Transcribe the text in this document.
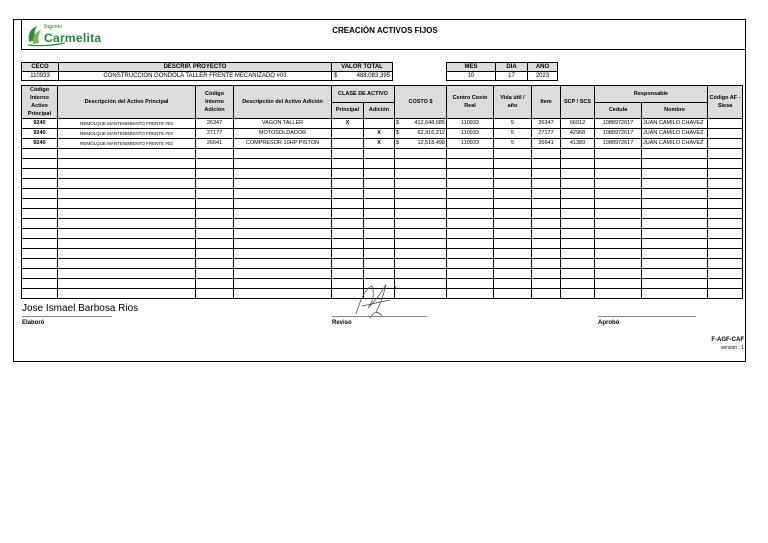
Ingenio
Carmelita
CREACIÓN ACTIVOS FIJOS
CECO	DESCRIP. PROYECTO	VALOR TOTAL	
110933	CONSTRUCCION GONDOLA TALLER FRENTE MECANIZADO #03	$	488,083,395
MES	DÍA	AÑO
10	17	2023
Código Interno Activo Principal	Descripción del Activo Principal	Código Interno Adición	Descripción del Activo Adición	CLASE DE ACTIVO		COSTO $	Centro Costo Real	Vida útil / año	Item	SCP / SCS	Responsable		Código AF - Siesa
				Principal	Adición						Cedula	Nombre	
9240	REMOLQUE MANTENIMIENTO FRENTE #03	26347	VAGON TALLER	X		$ 412,648,685	110933	5	26347	66012	1088972617	JUAN CAMILO CHAVEZ	
9240	REMOLQUE MANTENIMIENTO FRENTE #03	27177	MOTOSOLDADOR		X	$ 62,916,212	110933	5	27177	42968	1088972617	JUAN CAMILO CHAVEZ	
9240	REMOLQUE MANTENIMIENTO FRENTE #03	26641	COMPRESOR 10HP PISTON		X	$ 12,518,498	110933	5	26641	41389	1088972617	JUAN CAMILO CHAVEZ	

Jose Ismael Barbosa Rios
Elaboró	Reviso	Aprobó
F-AGF-CAF
version : 1
